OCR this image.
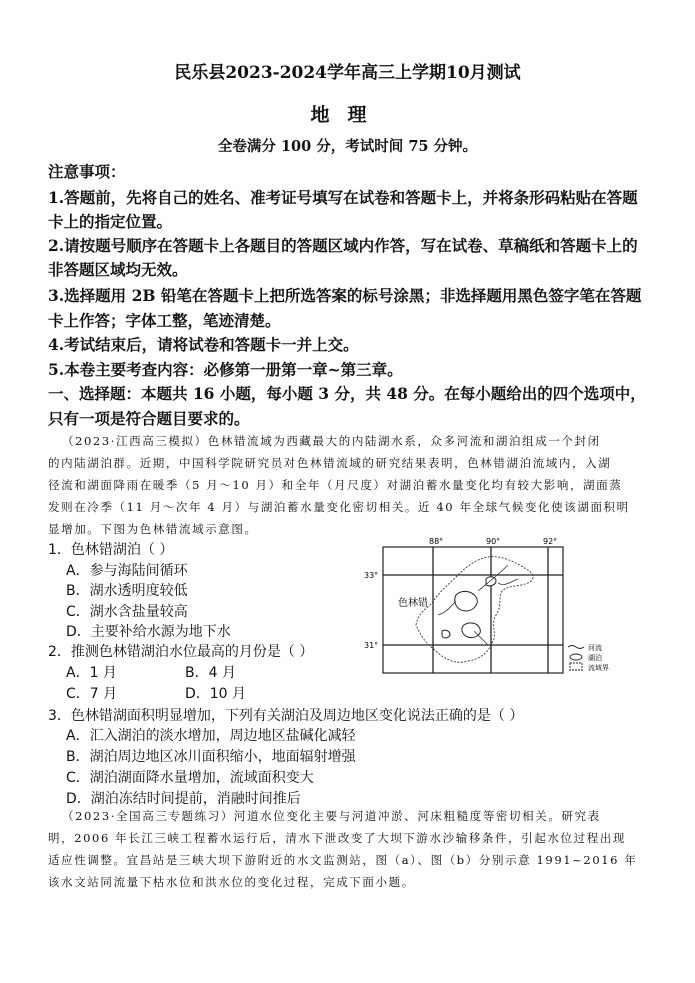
民乐县2023-2024学年高三上学期10月测试
地理
全卷满分 100 分，考试时间 75 分钟。
注意事项：
1.答题前，先将自己的姓名、准考证号填写在试卷和答题卡上，并将条形码粘贴在答题
卡上的指定位置。
2.请按题号顺序在答题卡上各题目的答题区域内作答，写在试卷、草稿纸和答题卡上的
非答题区域均无效。
3.选择题用 2B 铅笔在答题卡上把所选答案的标号涂黑；非选择题用黑色签字笔在答题
卡上作答；字体工整，笔迹清楚。
4.考试结束后，请将试卷和答题卡一并上交。
5.本卷主要考查内容：必修第一册第一章~第三章。
一、选择题：本题共 16 小题，每小题 3 分，共 48 分。在每小题给出的四个选项中，
只有一项是符合题目要求的。
（2023·江西高三模拟）色林错流域为西藏最大的内陆湖水系，众多河流和湖泊组成一个封闭
的内陆湖泊群。近期，中国科学院研究员对色林错流域的研究结果表明，色林错湖泊流域内，入湖
径流和湖面降雨在暖季（5 月～10 月）和全年（月尺度）对湖泊蓄水量变化均有较大影响，湖面蒸
发则在冷季（11 月～次年 4 月）与湖泊蓄水量变化密切相关。近 40 年全球气候变化使该湖面积明
显增加。下图为色林错流域示意图。
1．色林错湖泊（ ）
A．参与海陆间循环
B．湖水透明度较低
C．湖水含盐量较高
D．主要补给水源为地下水
2．推测色林错湖泊水位最高的月份是（ ）
A．1 月	B．4 月
C．7 月	D．10 月
3．色林错湖面积明显增加，下列有关湖泊及周边地区变化说法正确的是（ ）
A．汇入湖泊的淡水增加，周边地区盐碱化减轻
B．湖泊周边地区冰川面积缩小，地面辐射增强
C．湖泊湖面降水量增加，流域面积变大
D．湖泊冻结时间提前，消融时间推后
（2023·全国高三专题练习）河道水位变化主要与河道冲淤、河床粗糙度等密切相关。研究表
明，2006 年长江三峡工程蓄水运行后，清水下泄改变了大坝下游水沙输移条件，引起水位过程出现
适应性调整。宜昌站是三峡大坝下游附近的水文监测站，图（a）、图（b）分别示意 1991~2016 年
该水文站同流量下枯水位和洪水位的变化过程，完成下面小题。
88°	90°	92°
33°
31°
色林错
河流
湖泊
流域界
